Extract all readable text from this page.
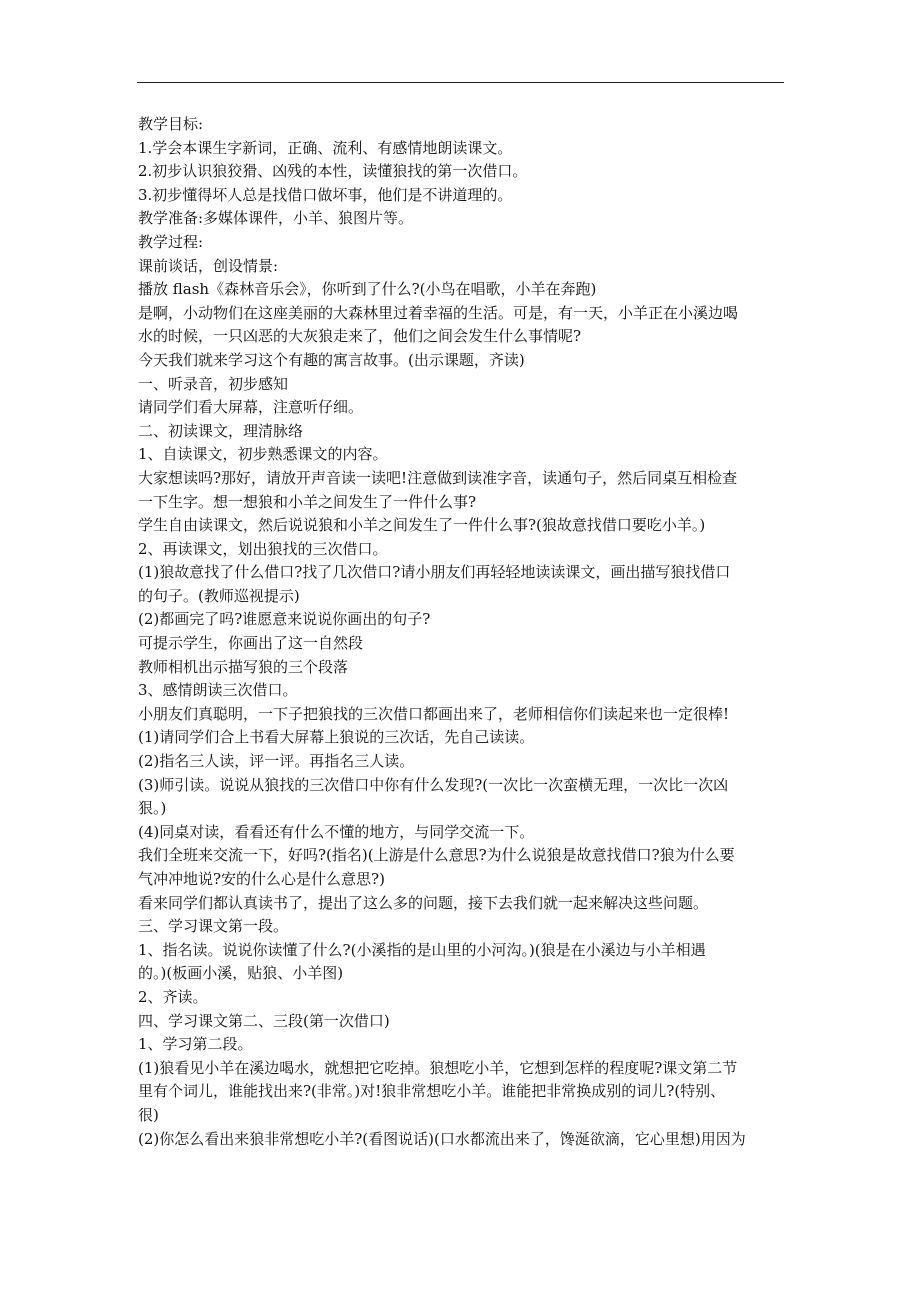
教学目标:
1.学会本课生字新词，正确、流利、有感情地朗读课文。
2.初步认识狼狡猾、凶残的本性，读懂狼找的第一次借口。
3.初步懂得坏人总是找借口做坏事，他们是不讲道理的。
教学准备:多媒体课件，小羊、狼图片等。
教学过程:
课前谈话，创设情景:
播放 flash《森林音乐会》，你听到了什么?(小鸟在唱歌，小羊在奔跑)
是啊，小动物们在这座美丽的大森林里过着幸福的生活。可是，有一天，小羊正在小溪边喝
水的时候，一只凶恶的大灰狼走来了，他们之间会发生什么事情呢?
今天我们就来学习这个有趣的寓言故事。(出示课题，齐读)
一、听录音，初步感知
请同学们看大屏幕，注意听仔细。
二、初读课文，理清脉络
1、自读课文，初步熟悉课文的内容。
大家想读吗?那好，请放开声音读一读吧!注意做到读准字音，读通句子，然后同桌互相检查
一下生字。想一想狼和小羊之间发生了一件什么事?
学生自由读课文，然后说说狼和小羊之间发生了一件什么事?(狼故意找借口要吃小羊。)
2、再读课文，划出狼找的三次借口。
(1)狼故意找了什么借口?找了几次借口?请小朋友们再轻轻地读读课文，画出描写狼找借口
的句子。(教师巡视提示)
(2)都画完了吗?谁愿意来说说你画出的句子?
可提示学生，你画出了这一自然段
教师相机出示描写狼的三个段落
3、感情朗读三次借口。
小朋友们真聪明，一下子把狼找的三次借口都画出来了，老师相信你们读起来也一定很棒!
(1)请同学们合上书看大屏幕上狼说的三次话，先自己读读。
(2)指名三人读，评一评。再指名三人读。
(3)师引读。说说从狼找的三次借口中你有什么发现?(一次比一次蛮横无理，一次比一次凶
狠。)
(4)同桌对读，看看还有什么不懂的地方，与同学交流一下。
我们全班来交流一下，好吗?(指名)(上游是什么意思?为什么说狼是故意找借口?狼为什么要
气冲冲地说?安的什么心是什么意思?)
看来同学们都认真读书了，提出了这么多的问题，接下去我们就一起来解决这些问题。
三、学习课文第一段。
1、指名读。说说你读懂了什么?(小溪指的是山里的小河沟。)(狼是在小溪边与小羊相遇
的。)(板画小溪，贴狼、小羊图)
2、齐读。
四、学习课文第二、三段(第一次借口)
1、学习第二段。
(1)狼看见小羊在溪边喝水，就想把它吃掉。狼想吃小羊，它想到怎样的程度呢?课文第二节
里有个词儿，谁能找出来?(非常。)对!狼非常想吃小羊。谁能把非常换成别的词儿?(特别、
很)
(2)你怎么看出来狼非常想吃小羊?(看图说话)(口水都流出来了，馋涎欲滴，它心里想)用因为
